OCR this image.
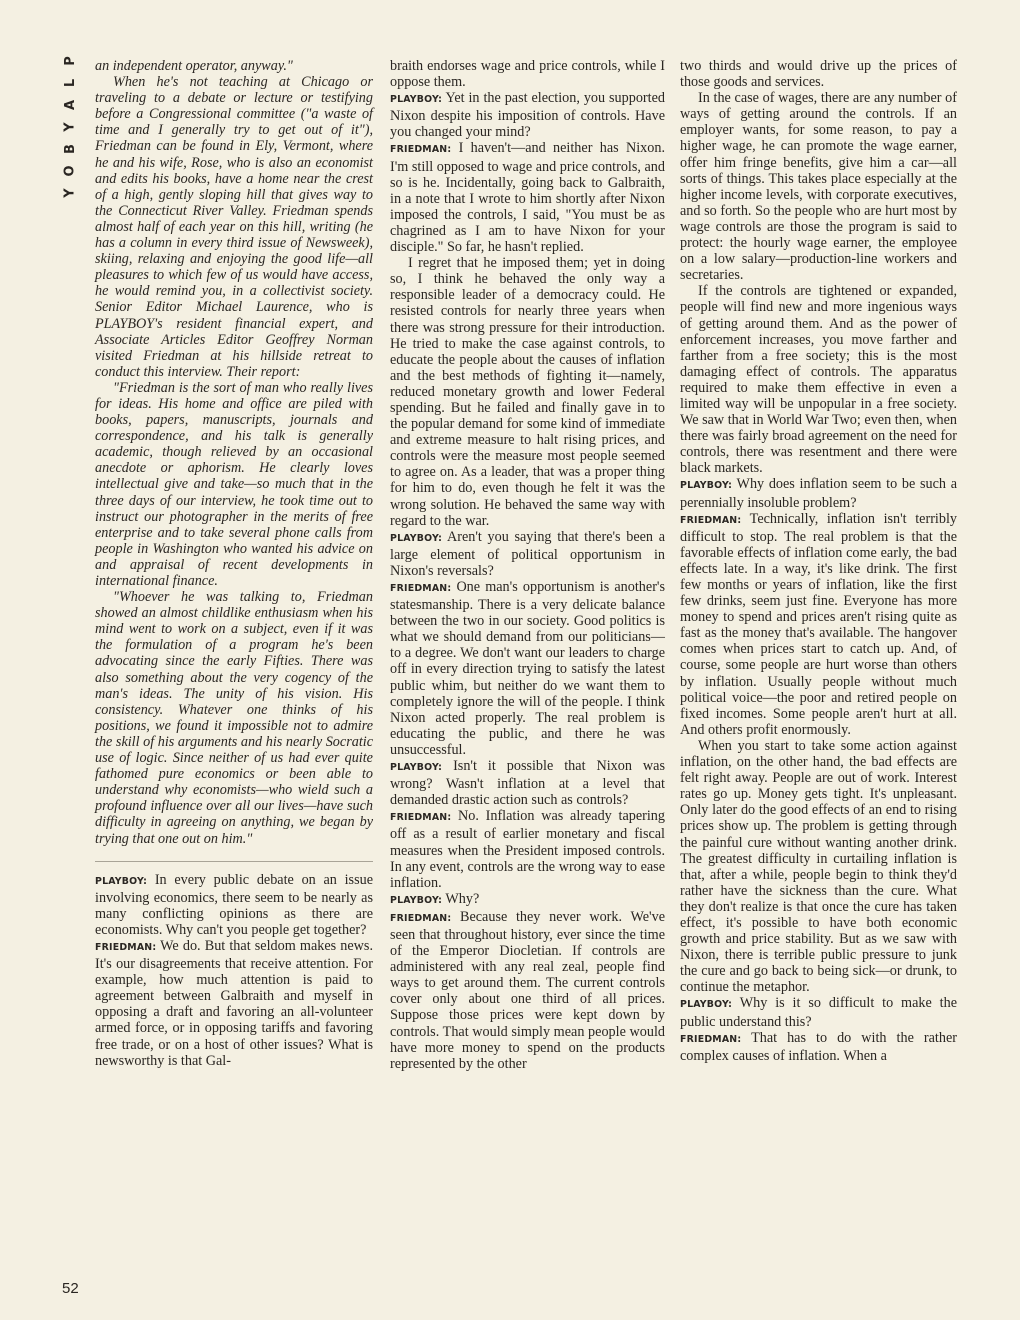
P
L
A
Y
B
O
Y

an independent operator, anyway."

When he's not teaching at Chicago or traveling to a debate or lecture or testifying before a Congressional committee ("a waste of time and I generally try to get out of it"), Friedman can be found in Ely, Vermont, where he and his wife, Rose, who is also an economist and edits his books, have a home near the crest of a high, gently sloping hill that gives way to the Connecticut River Valley. Friedman spends almost half of each year on this hill, writing (he has a column in every third issue of Newsweek), skiing, relaxing and enjoying the good life—all pleasures to which few of us would have access, he would remind you, in a collectivist society. Senior Editor Michael Laurence, who is PLAYBOY's resident financial expert, and Associate Articles Editor Geoffrey Norman visited Friedman at his hillside retreat to conduct this interview. Their report:

"Friedman is the sort of man who really lives for ideas. His home and office are piled with books, papers, manuscripts, journals and correspondence, and his talk is generally academic, though relieved by an occasional anecdote or aphorism. He clearly loves intellectual give and take—so much that in the three days of our interview, he took time out to instruct our photographer in the merits of free enterprise and to take several phone calls from people in Washington who wanted his advice on and appraisal of recent developments in international finance.

"Whoever he was talking to, Friedman showed an almost childlike enthusiasm when his mind went to work on a subject, even if it was the formulation of a program he's been advocating since the early Fifties. There was also something about the very cogency of the man's ideas. The unity of his vision. His consistency. Whatever one thinks of his positions, we found it impossible not to admire the skill of his arguments and his nearly Socratic use of logic. Since neither of us had ever quite fathomed pure economics or been able to understand why economists—who wield such a profound influence over all our lives—have such difficulty in agreeing on anything, we began by trying that one out on him."

PLAYBOY: In every public debate on an issue involving economics, there seem to be nearly as many conflicting opinions as there are economists. Why can't you people get together?

FRIEDMAN: We do. But that seldom makes news. It's our disagreements that receive attention. For example, how much attention is paid to agreement between Galbraith and myself in opposing a draft and favoring an all-volunteer armed force, or in opposing tariffs and favoring free trade, or on a host of other issues? What is newsworthy is that Gal-

braith endorses wage and price controls, while I oppose them.

PLAYBOY: Yet in the past election, you supported Nixon despite his imposition of controls. Have you changed your mind?

FRIEDMAN: I haven't—and neither has Nixon. I'm still opposed to wage and price controls, and so is he. Incidentally, going back to Galbraith, in a note that I wrote to him shortly after Nixon imposed the controls, I said, "You must be as chagrined as I am to have Nixon for your disciple." So far, he hasn't replied.

I regret that he imposed them; yet in doing so, I think he behaved the only way a responsible leader of a democracy could. He resisted controls for nearly three years when there was strong pressure for their introduction. He tried to make the case against controls, to educate the people about the causes of inflation and the best methods of fighting it—namely, reduced monetary growth and lower Federal spending. But he failed and finally gave in to the popular demand for some kind of immediate and extreme measure to halt rising prices, and controls were the measure most people seemed to agree on. As a leader, that was a proper thing for him to do, even though he felt it was the wrong solution. He behaved the same way with regard to the war.

PLAYBOY: Aren't you saying that there's been a large element of political opportunism in Nixon's reversals?

FRIEDMAN: One man's opportunism is another's statesmanship. There is a very delicate balance between the two in our society. Good politics is what we should demand from our politicians—to a degree. We don't want our leaders to charge off in every direction trying to satisfy the latest public whim, but neither do we want them to completely ignore the will of the people. I think Nixon acted properly. The real problem is educating the public, and there he was unsuccessful.

PLAYBOY: Isn't it possible that Nixon was wrong? Wasn't inflation at a level that demanded drastic action such as controls?

FRIEDMAN: No. Inflation was already tapering off as a result of earlier monetary and fiscal measures when the President imposed controls. In any event, controls are the wrong way to ease inflation.

PLAYBOY: Why?

FRIEDMAN: Because they never work. We've seen that throughout history, ever since the time of the Emperor Diocletian. If controls are administered with any real zeal, people find ways to get around them. The current controls cover only about one third of all prices. Suppose those prices were kept down by controls. That would simply mean people would have more money to spend on the products represented by the other

two thirds and would drive up the prices of those goods and services.

In the case of wages, there are any number of ways of getting around the controls. If an employer wants, for some reason, to pay a higher wage, he can promote the wage earner, offer him fringe benefits, give him a car—all sorts of things. This takes place especially at the higher income levels, with corporate executives, and so forth. So the people who are hurt most by wage controls are those the program is said to protect: the hourly wage earner, the employee on a low salary—production-line workers and secretaries.

If the controls are tightened or expanded, people will find new and more ingenious ways of getting around them. And as the power of enforcement increases, you move farther and farther from a free society; this is the most damaging effect of controls. The apparatus required to make them effective in even a limited way will be unpopular in a free society. We saw that in World War Two; even then, when there was fairly broad agreement on the need for controls, there was resentment and there were black markets.

PLAYBOY: Why does inflation seem to be such a perennially insoluble problem?

FRIEDMAN: Technically, inflation isn't terribly difficult to stop. The real problem is that the favorable effects of inflation come early, the bad effects late. In a way, it's like drink. The first few months or years of inflation, like the first few drinks, seem just fine. Everyone has more money to spend and prices aren't rising quite as fast as the money that's available. The hangover comes when prices start to catch up. And, of course, some people are hurt worse than others by inflation. Usually people without much political voice—the poor and retired people on fixed incomes. Some people aren't hurt at all. And others profit enormously.

When you start to take some action against inflation, on the other hand, the bad effects are felt right away. People are out of work. Interest rates go up. Money gets tight. It's unpleasant. Only later do the good effects of an end to rising prices show up. The problem is getting through the painful cure without wanting another drink. The greatest difficulty in curtailing inflation is that, after a while, people begin to think they'd rather have the sickness than the cure. What they don't realize is that once the cure has taken effect, it's possible to have both economic growth and price stability. But as we saw with Nixon, there is terrible public pressure to junk the cure and go back to being sick—or drunk, to continue the metaphor.

PLAYBOY: Why is it so difficult to make the public understand this?

FRIEDMAN: That has to do with the rather complex causes of inflation. When a

52
